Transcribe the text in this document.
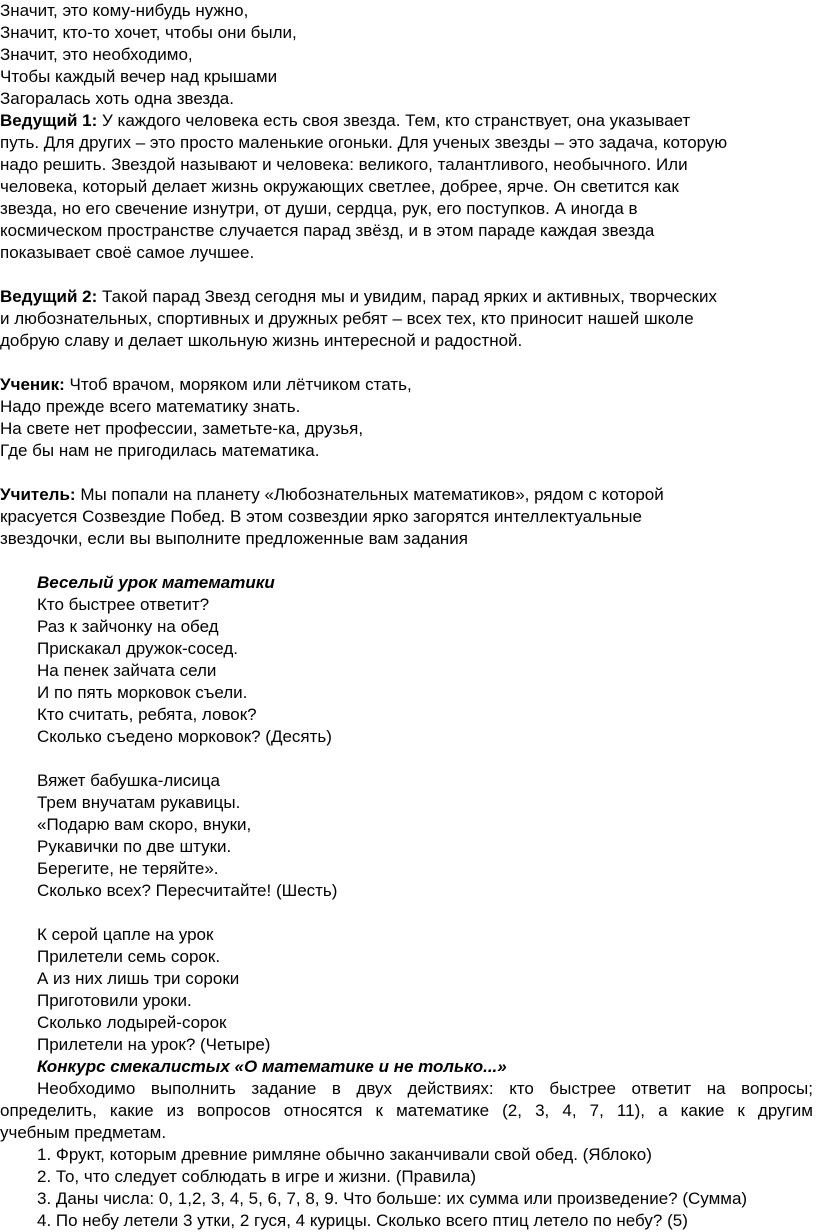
Значит, это кому-нибудь нужно,
Значит, кто-то хочет, чтобы они были,
Значит, это необходимо,
Чтобы каждый вечер над крышами
Загоралась хоть одна звезда.
Ведущий 1: У каждого человека есть своя звезда. Тем, кто странствует, она указывает
путь. Для других – это просто маленькие огоньки. Для ученых звезды – это задача, которую
надо решить. Звездой называют и человека: великого, талантливого, необычного. Или
человека, который делает жизнь окружающих светлее, добрее, ярче. Он светится как
звезда, но его свечение изнутри, от души, сердца, рук, его поступков. А иногда в
космическом пространстве случается парад звёзд, и в этом параде каждая звезда
показывает своё самое лучшее.
Ведущий 2: Такой парад Звезд сегодня мы и увидим, парад ярких и активных, творческих
и любознательных, спортивных и дружных ребят – всех тех, кто приносит нашей школе
добрую славу и делает школьную жизнь интересной и радостной.
Ученик: Чтоб врачом, моряком или лётчиком стать,
Надо прежде всего математику знать.
На свете нет профессии, заметьте-ка, друзья,
Где бы нам не пригодилась математика.
Учитель: Мы попали на планету «Любознательных математиков», рядом с которой
красуется Созвездие Побед. В этом созвездии ярко загорятся интеллектуальные
звездочки, если вы выполните предложенные вам задания
Веселый урок математики
Кто быстрее ответит?
Раз к зайчонку на обед
Прискакал дружок-сосед.
На пенек зайчата сели
И по пять морковок съели.
Кто считать, ребята, ловок?
Сколько съедено морковок? (Десять)
Вяжет бабушка-лисица
Трем внучатам рукавицы.
«Подарю вам скоро, внуки,
Рукавички по две штуки.
Берегите, не теряйте».
Сколько всех? Пересчитайте! (Шесть)
К серой цапле на урок
Прилетели семь сорок.
А из них лишь три сороки
Приготовили уроки.
Сколько лодырей-сорок
Прилетели на урок? (Четыре)
Конкурс смекалистых «О математике и не только...»
Необходимо выполнить задание в двух действиях: кто быстрее ответит на вопросы;
определить, какие из вопросов относятся к математике (2, 3, 4, 7, 11), а какие к другим
учебным предметам.
1. Фрукт, которым древние римляне обычно заканчивали свой обед. (Яблоко)
2. То, что следует соблюдать в игре и жизни. (Правила)
3. Даны числа: 0, 1,2, 3, 4, 5, 6, 7, 8, 9. Что больше: их сумма или произведение? (Сумма)
4. По небу летели 3 утки, 2 гуся, 4 курицы. Сколько всего птиц летело по небу? (5)
